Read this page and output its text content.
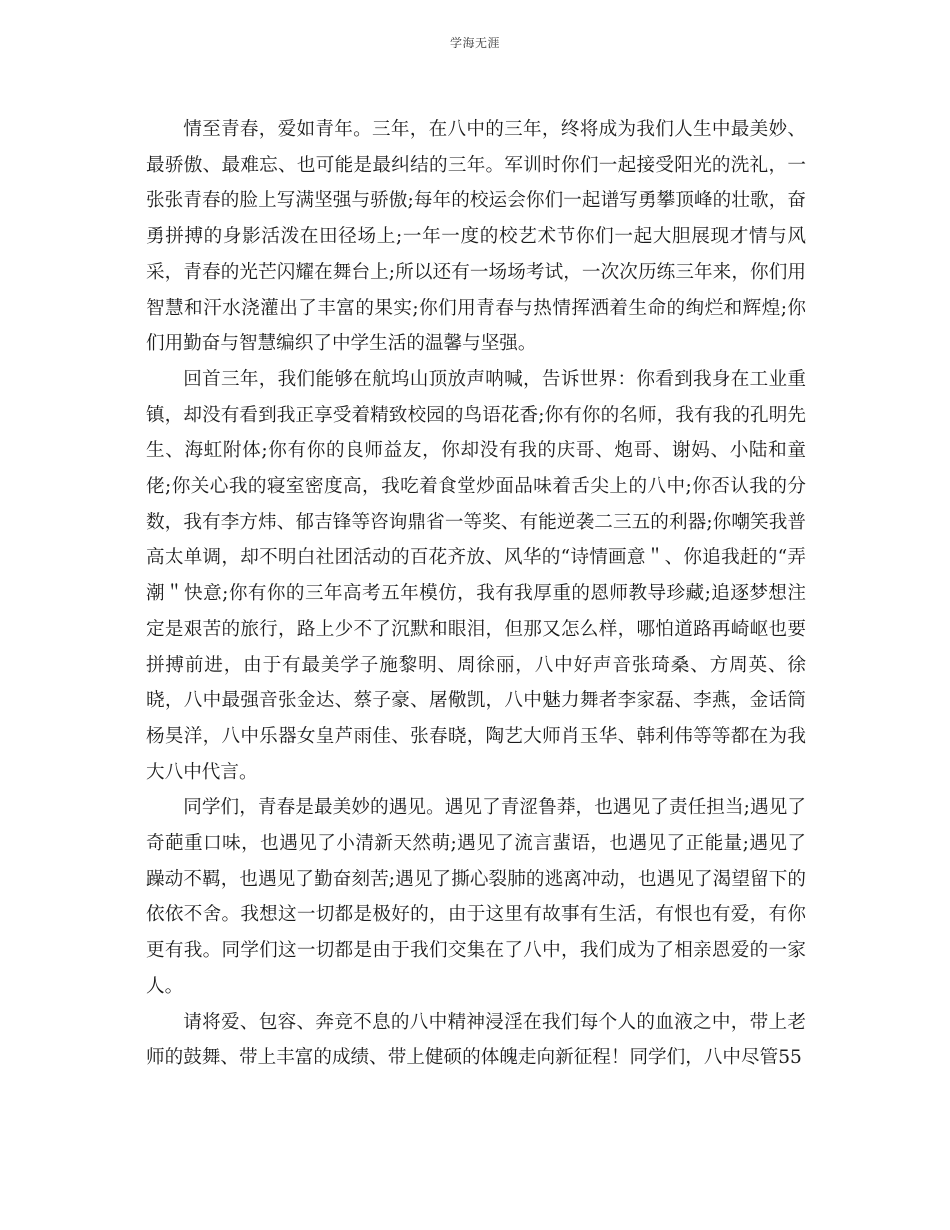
学海无涯

情至青春，爱如青年。三年，在八中的三年，终将成为我们人生中最美妙、最骄傲、最难忘、也可能是最纠结的三年。军训时你们一起接受阳光的洗礼，一张张青春的脸上写满坚强与骄傲;每年的校运会你们一起谱写勇攀顶峰的壮歌，奋勇拼搏的身影活泼在田径场上;一年一度的校艺术节你们一起大胆展现才情与风采，青春的光芒闪耀在舞台上;所以还有一场场考试，一次次历练三年来，你们用智慧和汗水浇灌出了丰富的果实;你们用青春与热情挥洒着生命的绚烂和辉煌;你们用勤奋与智慧编织了中学生活的温馨与坚强。

回首三年，我们能够在航坞山顶放声呐喊，告诉世界：你看到我身在工业重镇，却没有看到我正享受着精致校园的鸟语花香;你有你的名师，我有我的孔明先生、海虹附体;你有你的良师益友，你却没有我的庆哥、炮哥、谢妈、小陆和童佬;你关心我的寝室密度高，我吃着食堂炒面品味着舌尖上的八中;你否认我的分数，我有李方炜、郁吉锋等咨询鼎省一等奖、有能逆袭二三五的利器;你嘲笑我普高太单调，却不明白社团活动的百花齐放、风华的“诗情画意＂、你追我赶的“弄潮＂快意;你有你的三年高考五年模仿，我有我厚重的恩师教导珍藏;追逐梦想注定是艰苦的旅行，路上少不了沉默和眼泪，但那又怎么样，哪怕道路再崎岖也要拼搏前进，由于有最美学子施黎明、周徐丽，八中好声音张琦桑、方周英、徐晓，八中最强音张金达、蔡子豪、屠儆凯，八中魅力舞者李家磊、李燕，金话筒杨昊洋，八中乐器女皇芦雨佳、张春晓，陶艺大师肖玉华、韩利伟等等都在为我大八中代言。

同学们，青春是最美妙的遇见。遇见了青涩鲁莽，也遇见了责任担当;遇见了奇葩重口味，也遇见了小清新天然萌;遇见了流言蜚语，也遇见了正能量;遇见了躁动不羁，也遇见了勤奋刻苦;遇见了撕心裂肺的逃离冲动，也遇见了渴望留下的依依不舍。我想这一切都是极好的，由于这里有故事有生活，有恨也有爱，有你更有我。同学们这一切都是由于我们交集在了八中，我们成为了相亲恩爱的一家人。

请将爱、包容、奔竞不息的八中精神浸淫在我们每个人的血液之中，带上老师的鼓舞、带上丰富的成绩、带上健硕的体魄走向新征程！同学们，八中尽管55
